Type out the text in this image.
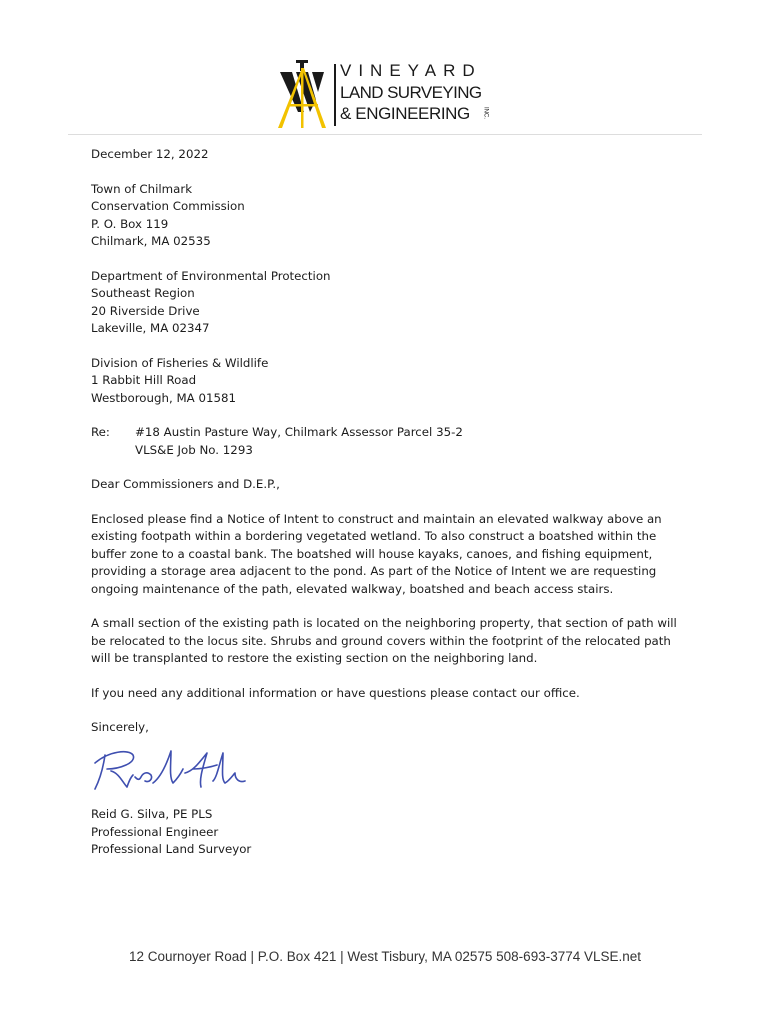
VINEYARD
LAND SURVEYING
& ENGINEERING	INC.

December 12, 2022

Town of Chilmark
Conservation Commission
P. O. Box 119
Chilmark, MA 02535
Department of Environmental Protection
Southeast Region
20 Riverside Drive
Lakeville, MA 02347
Division of Fisheries & Wildlife
1 Rabbit Hill Road
Westborough, MA 01581
Re:	#18 Austin Pasture Way, Chilmark Assessor Parcel 35-2
VLS&E Job No. 1293

Dear Commissioners and D.E.P.,

Enclosed please find a Notice of Intent to construct and maintain an elevated walkway above an existing footpath within a bordering vegetated wetland. To also construct a boatshed within the buffer zone to a coastal bank. The boatshed will house kayaks, canoes, and fishing equipment, providing a storage area adjacent to the pond. As part of the Notice of Intent we are requesting ongoing maintenance of the path, elevated walkway, boatshed and beach access stairs.

A small section of the existing path is located on the neighboring property, that section of path will be relocated to the locus site. Shrubs and ground covers within the footprint of the relocated path will be transplanted to restore the existing section on the neighboring land.

If you need any additional information or have questions please contact our office.

Sincerely,

Reid G. Silva, PE PLS
Professional Engineer
Professional Land Surveyor
12 Cournoyer Road | P.O. Box 421 | West Tisbury, MA 02575 508-693-3774 VLSE.net
